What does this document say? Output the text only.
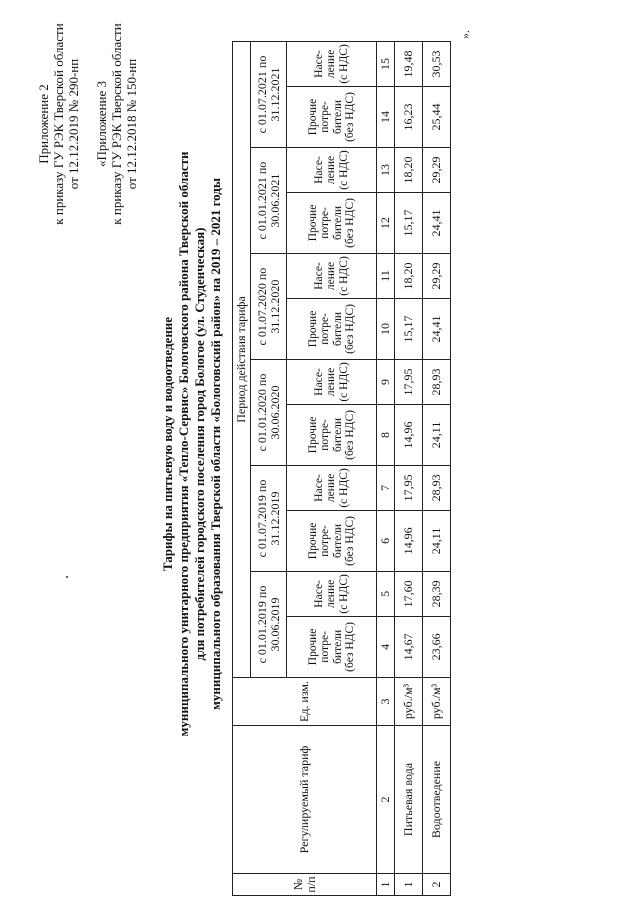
Приложение 2 к приказу ГУ РЭК Тверской области от 12.12.2019 № 290-нп «Приложение 3 к приказу ГУ РЭК Тверской области от 12.12.2018 № 150-нп
Тарифы на питьевую воду и водоотведение муниципального унитарного предприятия «Тепло-Сервис» Бологовского района Тверской области для потребителей городского поселения город Бологое (ул. Студенческая) муниципального образования Тверской области «Бологовский район» на 2019 – 2021 годы
№ п/п	Регулируемый тариф	Ед. изм.	Период действия тарифа											
			с 01.01.2019 по 30.06.2019		с 01.07.2019 по 31.12.2019		с 01.01.2020 по 30.06.2020		с 01.07.2020 по 31.12.2020		с 01.01.2021 по 30.06.2021		с 01.07.2021 по 31.12.2021	
			Прочие потре- бители (без НДС)	Насе- ление (с НДС)	Прочие потре- бители (без НДС)	Насе- ление (с НДС)	Прочие потре- бители (без НДС)	Насе- ление (с НДС)	Прочие потре- бители (без НДС)	Насе- ление (с НДС)	Прочие потре- бители (без НДС)	Насе- ление (с НДС)	Прочие потре- бители (без НДС)	Насе- ление (с НДС)
1	2	3	4	5	6	7	8	9	10	11	12	13	14	15
1	Питьевая вода	руб./м³	14,67	17,60	14,96	17,95	14,96	17,95	15,17	18,20	15,17	18,20	16,23	19,48
2	Водоотведение	руб./м³	23,66	28,39	24,11	28,93	24,11	28,93	24,41	29,29	24,41	29,29	25,44	30,53
».
